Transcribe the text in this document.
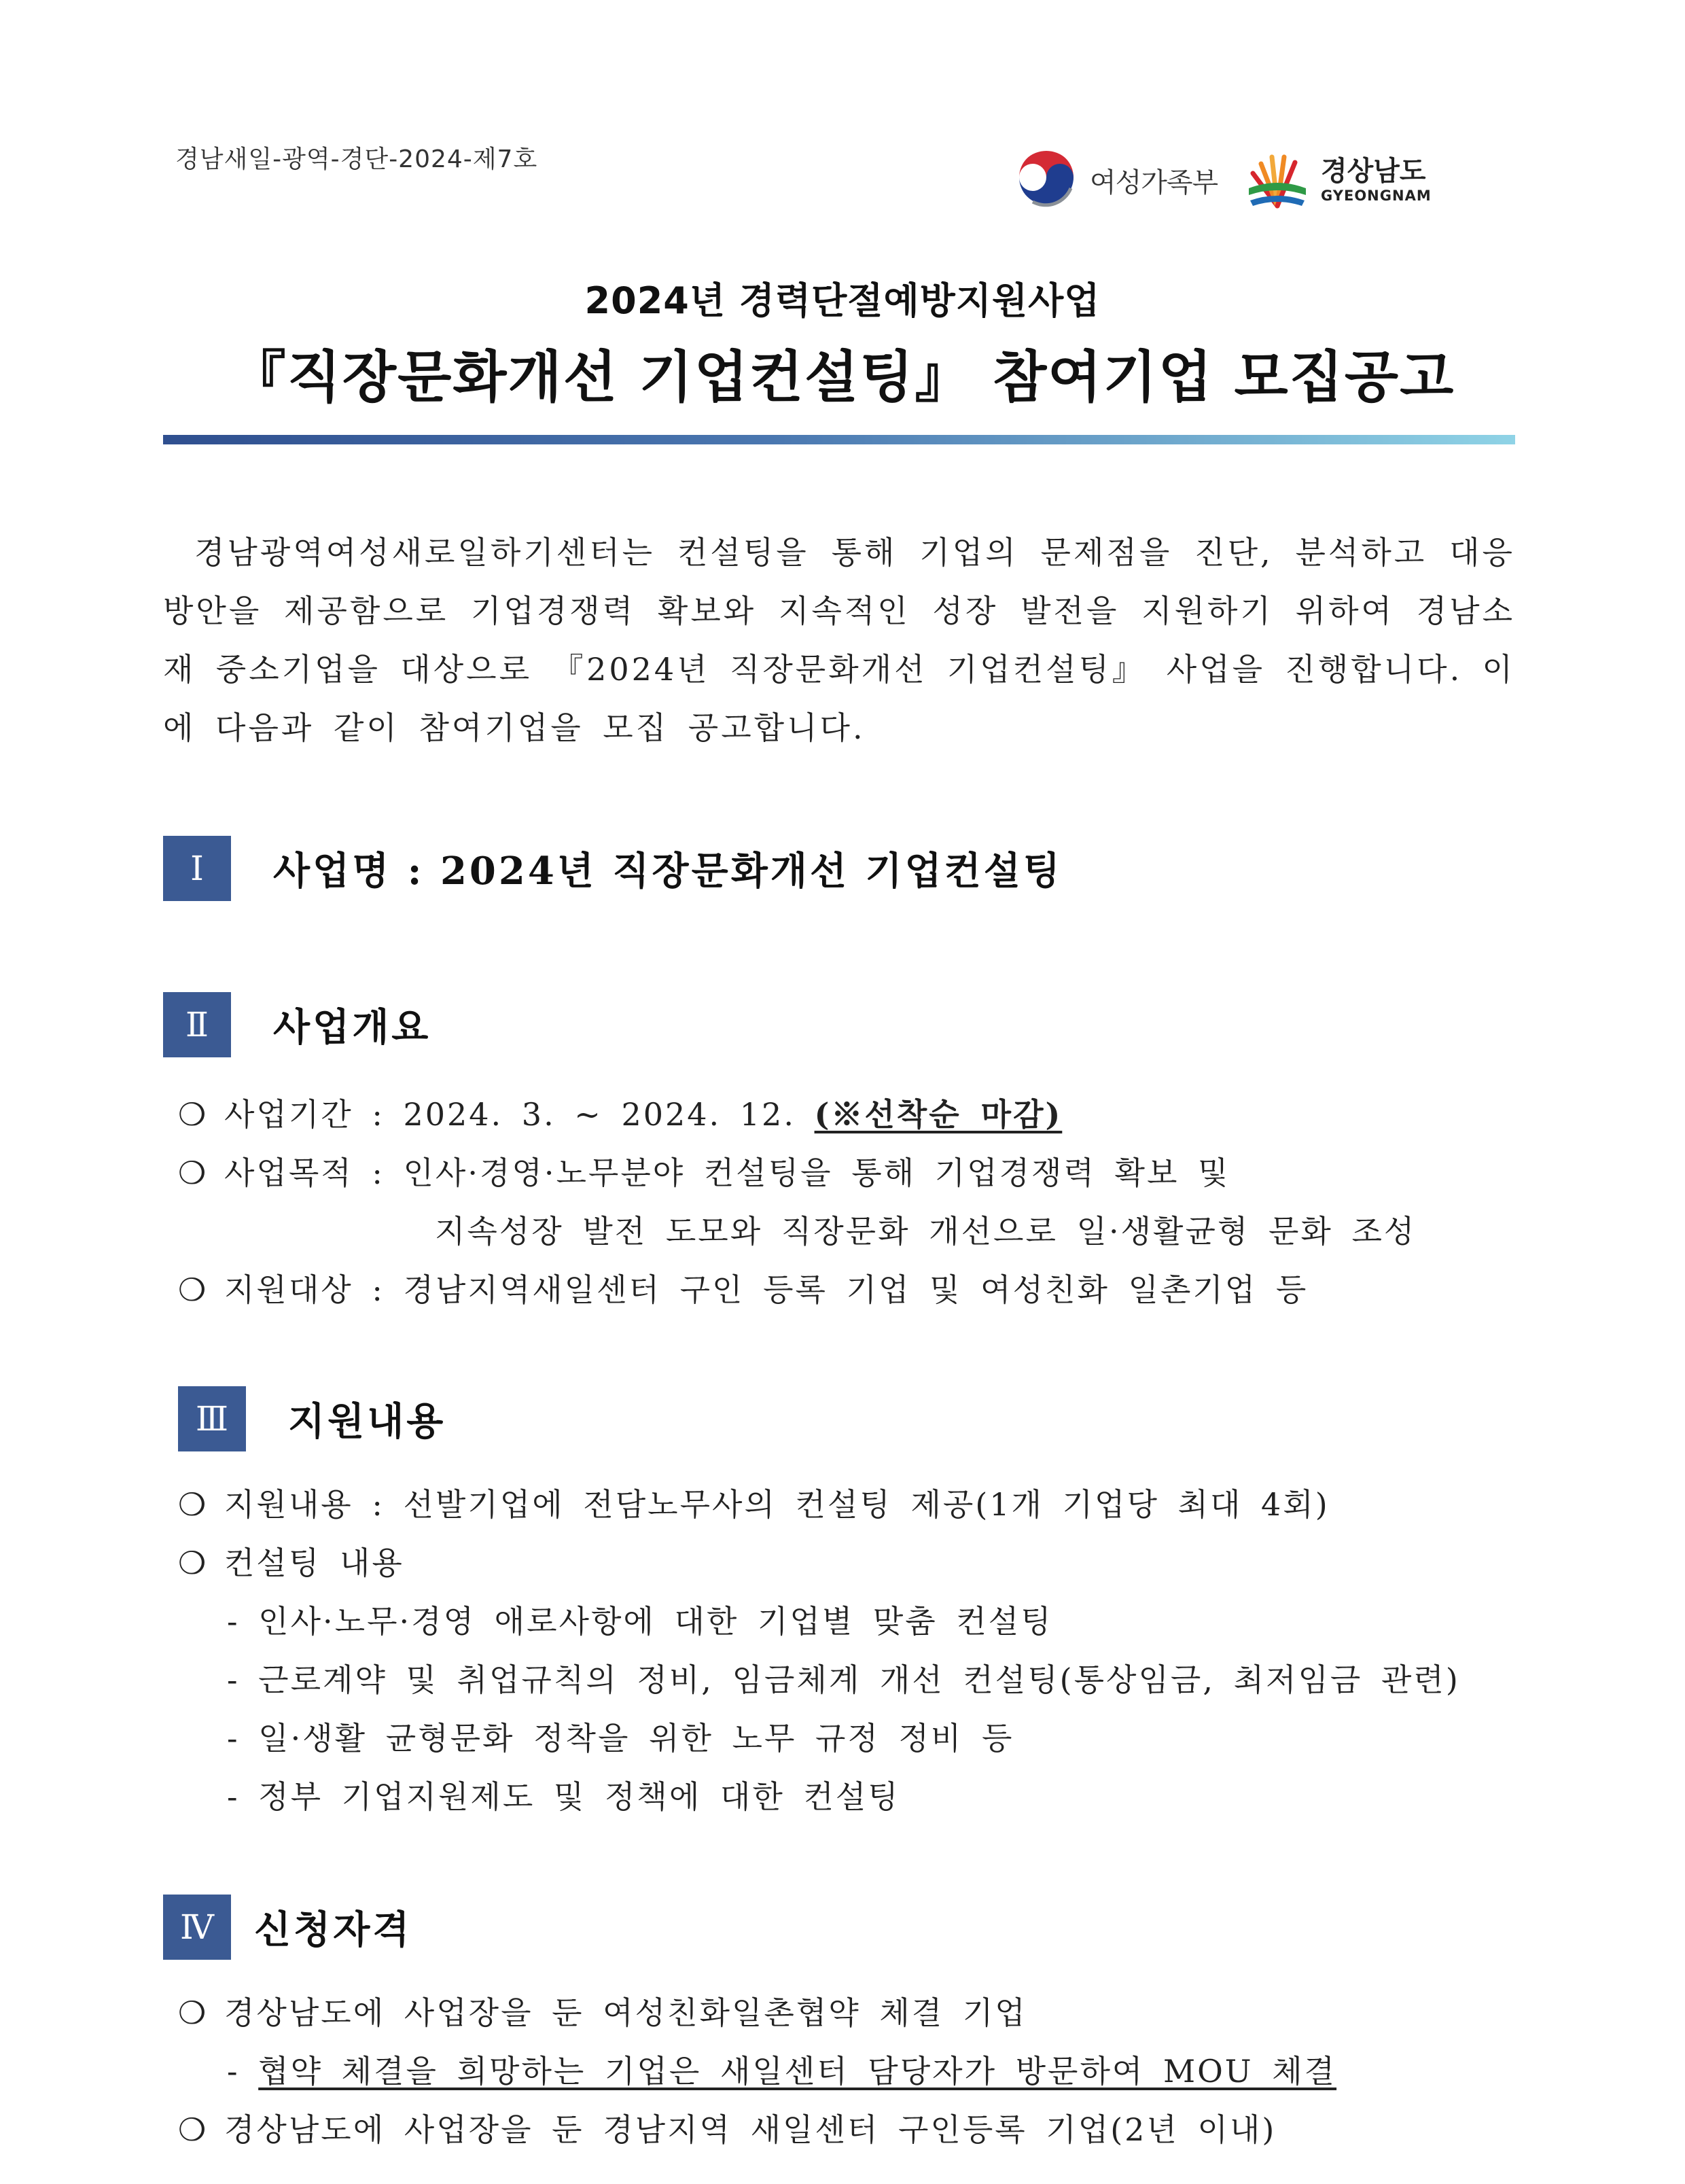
경남새일-광역-경단-2024-제7호
여성가족부	경상남도
GYEONGNAM
2024년 경력단절예방지원사업
『직장문화개선 기업컨설팅』 참여기업 모집공고
경남광역여성새로일하기센터는 컨설팅을 통해 기업의 문제점을 진단, 분석하고 대응 방안을 제공함으로 기업경쟁력 확보와 지속적인 성장 발전을 지원하기 위하여 경남소재 중소기업을 대상으로 『2024년 직장문화개선 기업컨설팅』 사업을 진행합니다. 이에 다음과 같이 참여기업을 모집 공고합니다.
Ⅰ	사업명 : 2024년 직장문화개선 기업컨설팅
Ⅱ	사업개요
❍ 사업기간 : 2024. 3. ~ 2024. 12. (※선착순 마감)
❍ 사업목적 : 인사·경영·노무분야 컨설팅을 통해 기업경쟁력 확보 및
지속성장 발전 도모와 직장문화 개선으로 일·생활균형 문화 조성
❍ 지원대상 : 경남지역새일센터 구인 등록 기업 및 여성친화 일촌기업 등
Ⅲ	지원내용
❍ 지원내용 : 선발기업에 전담노무사의 컨설팅 제공(1개 기업당 최대 4회)
❍ 컨설팅 내용
- 인사·노무·경영 애로사항에 대한 기업별 맞춤 컨설팅
- 근로계약 및 취업규칙의 정비, 임금체계 개선 컨설팅(통상임금, 최저임금 관련)
- 일·생활 균형문화 정착을 위한 노무 규정 정비 등
- 정부 기업지원제도 및 정책에 대한 컨설팅
Ⅳ	신청자격
❍ 경상남도에 사업장을 둔 여성친화일촌협약 체결 기업
- 협약 체결을 희망하는 기업은 새일센터 담당자가 방문하여 MOU 체결
❍ 경상남도에 사업장을 둔 경남지역 새일센터 구인등록 기업(2년 이내)
